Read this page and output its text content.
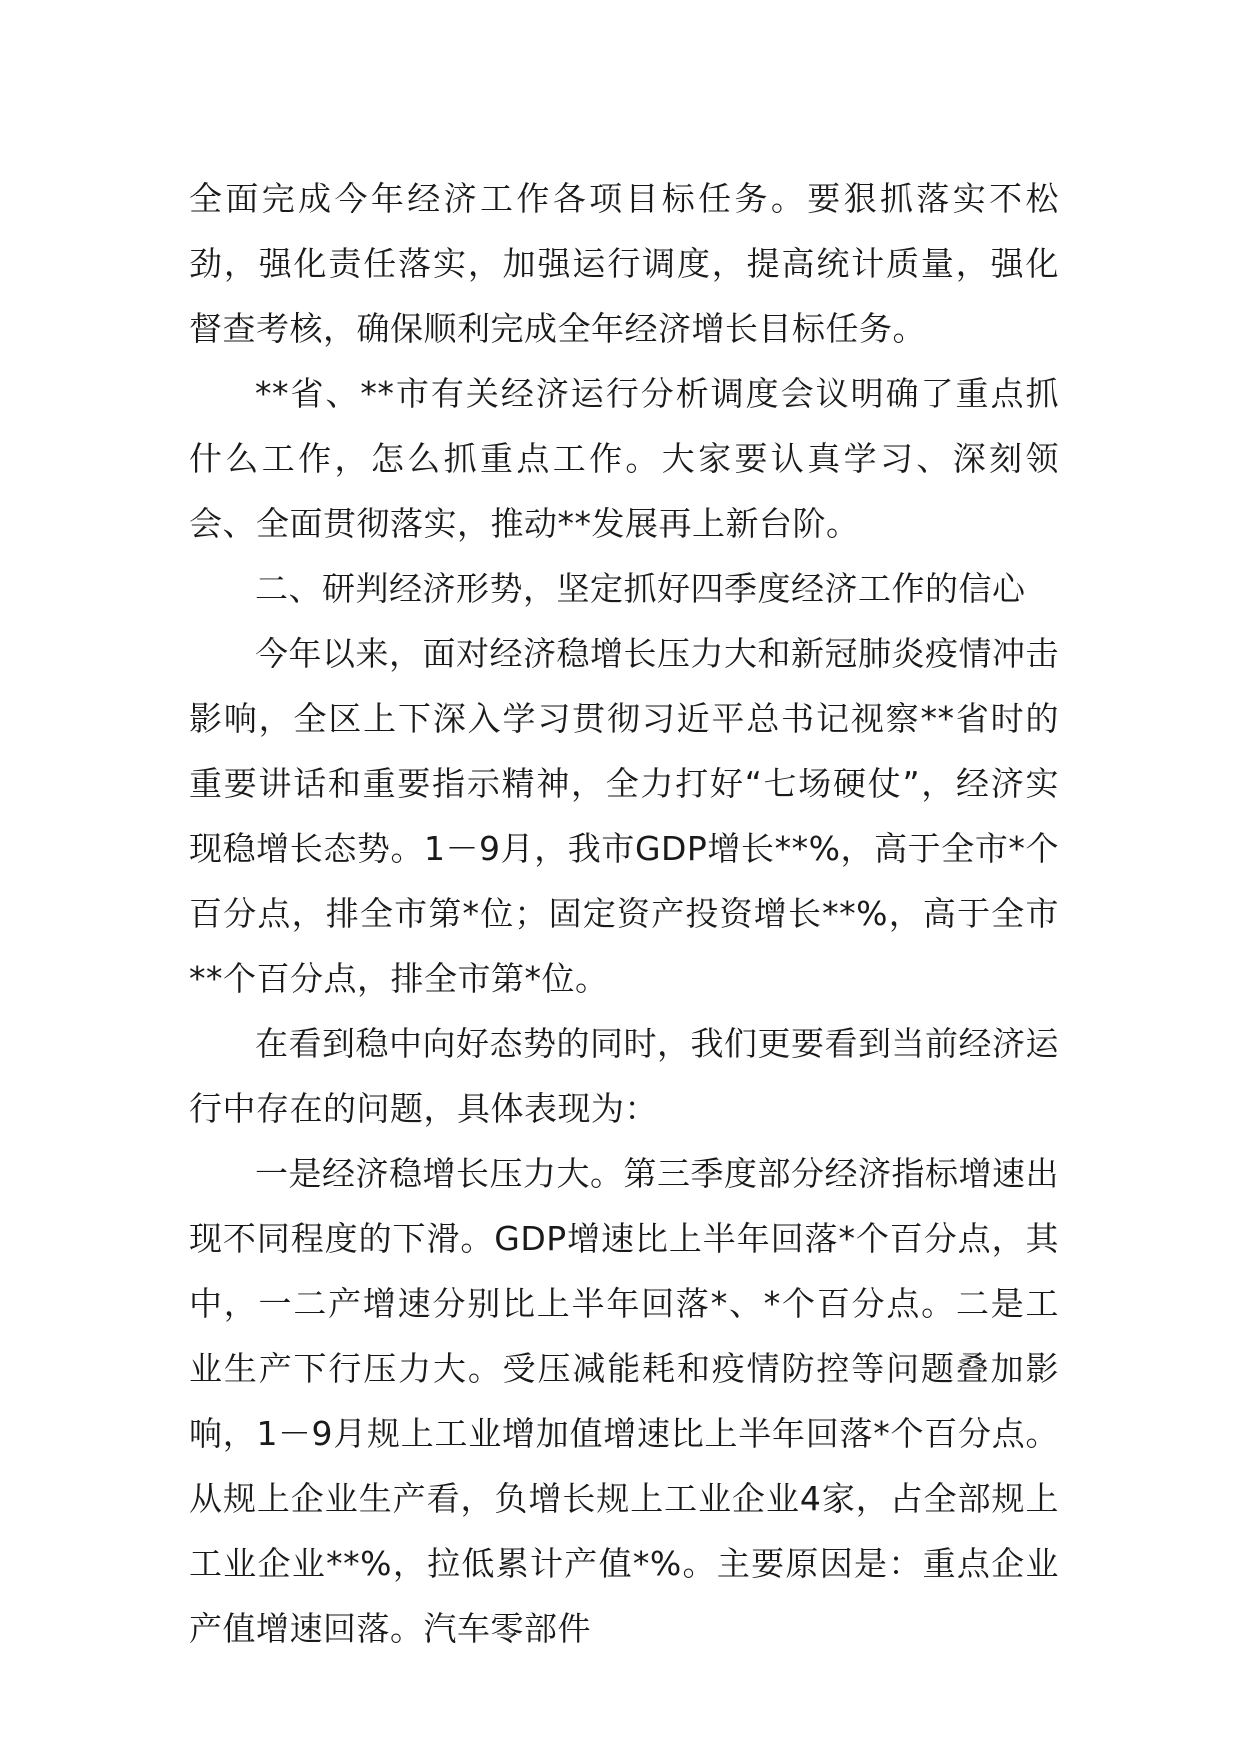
全面完成今年经济工作各项目标任务。要狠抓落实不松劲，强化责任落实，加强运行调度，提高统计质量，强化督查考核，确保顺利完成全年经济增长目标任务。

**省、**市有关经济运行分析调度会议明确了重点抓什么工作，怎么抓重点工作。大家要认真学习、深刻领会、全面贯彻落实，推动**发展再上新台阶。

二、研判经济形势，坚定抓好四季度经济工作的信心

今年以来，面对经济稳增长压力大和新冠肺炎疫情冲击影响，全区上下深入学习贯彻习近平总书记视察**省时的重要讲话和重要指示精神，全力打好“七场硬仗”，经济实现稳增长态势。1－9月，我市GDP增长**%，高于全市*个百分点，排全市第*位；固定资产投资增长**%，高于全市**个百分点，排全市第*位。

在看到稳中向好态势的同时，我们更要看到当前经济运行中存在的问题，具体表现为：

一是经济稳增长压力大。第三季度部分经济指标增速出现不同程度的下滑。GDP增速比上半年回落*个百分点，其中，一二产增速分别比上半年回落*、*个百分点。二是工业生产下行压力大。受压减能耗和疫情防控等问题叠加影响，1－9月规上工业增加值增速比上半年回落*个百分点。从规上企业生产看，负增长规上工业企业4家，占全部规上工业企业**%，拉低累计产值*%。主要原因是：重点企业产值增速回落。汽车零部件
